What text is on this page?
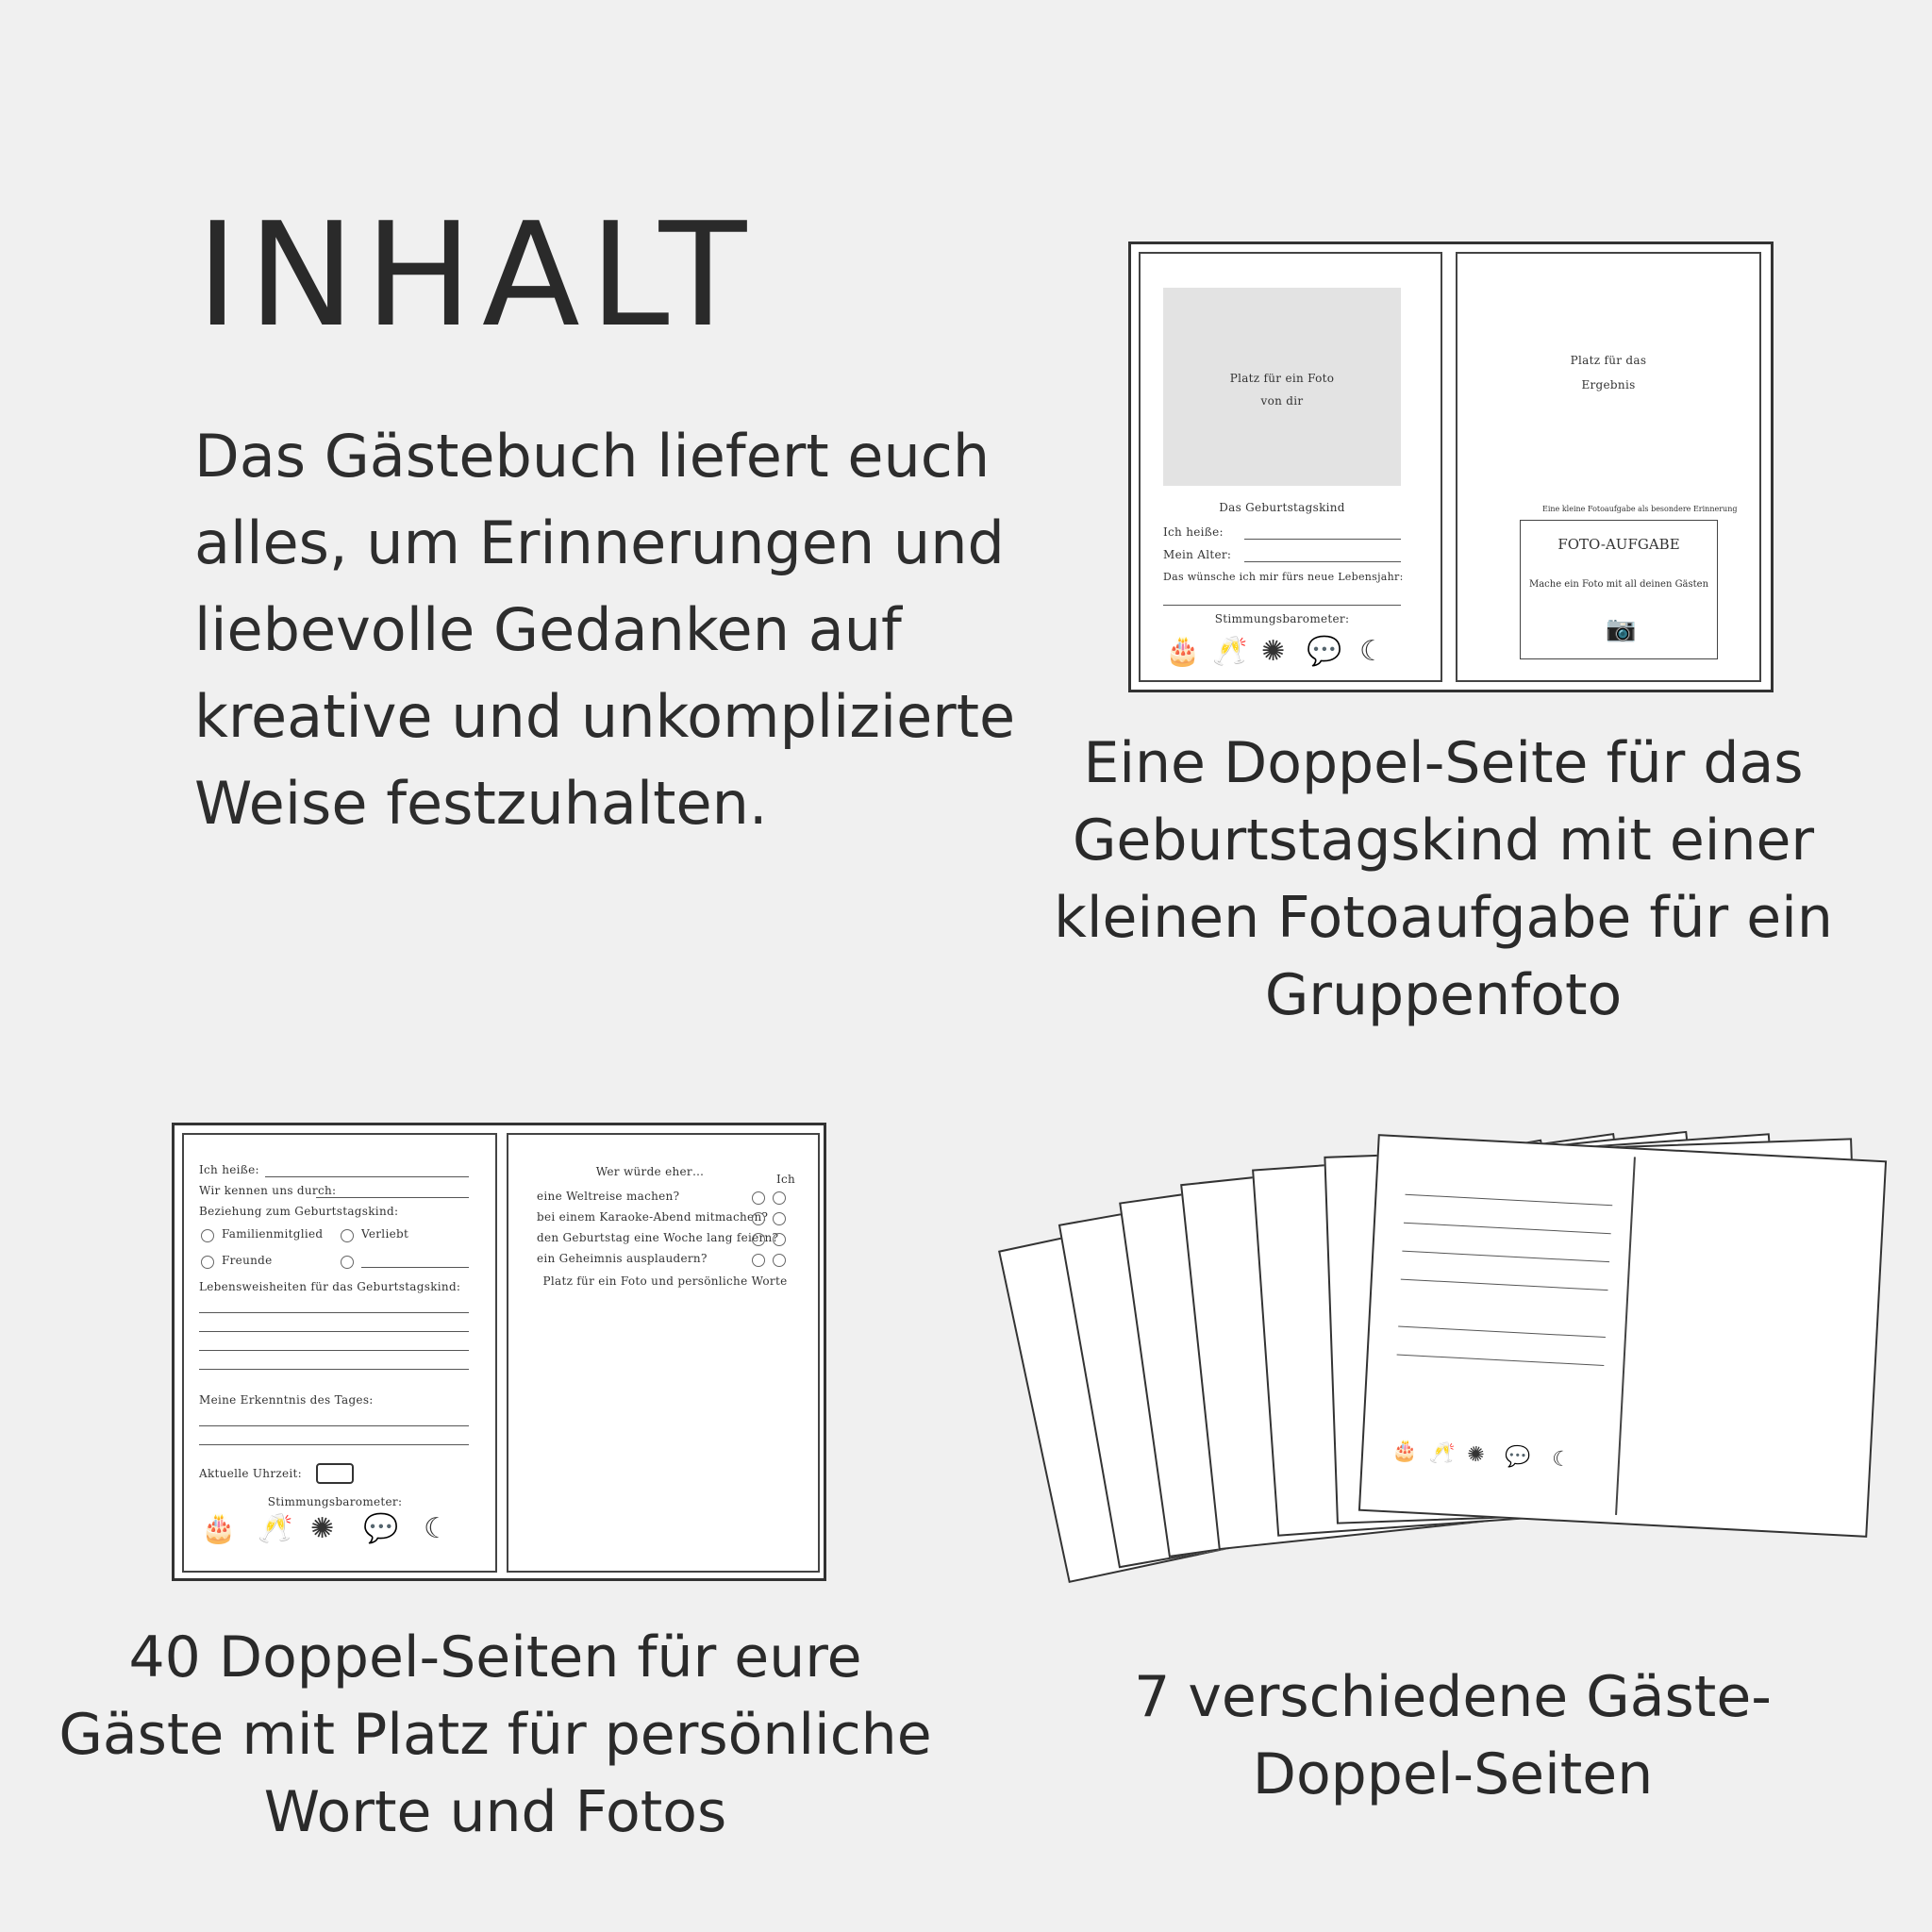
INHALT

Das Gästebuch liefert euch alles, um Erinnerungen und liebevolle Gedanken auf kreative und unkomplizierte Weise festzuhalten.

Platz für ein Foto von dir
Das Geburtstagskind
Ich heiße:
Mein Alter:
Das wünsche ich mir fürs neue Lebensjahr:
Stimmungsbarometer:
🎂 🥂 ✺ 💬 ☾
Platz für das Ergebnis
Eine kleine Fotoaufgabe als besondere Erinnerung
FOTO-AUFGABE
Mache ein Foto mit all deinen Gästen
📷

Eine Doppel-Seite für das Geburtstagskind mit einer kleinen Fotoaufgabe für ein Gruppenfoto

Ich heiße:
Wir kennen uns durch:
Beziehung zum Geburtstagskind:
Familienmitglied	Verliebt
Freunde
Lebensweisheiten für das Geburtstagskind:
Meine Erkenntnis des Tages:
Aktuelle Uhrzeit:
Stimmungsbarometer:
🎂 🥂 ✺ 💬 ☾
Wer würde eher…
Ich
eine Weltreise machen?
bei einem Karaoke-Abend mitmachen?
den Geburtstag eine Woche lang feiern?
ein Geheimnis ausplaudern?
Platz für ein Foto und persönliche Worte

40 Doppel-Seiten für eure Gäste mit Platz für persönliche Worte und Fotos

🎂 🥂 ✺ 💬 ☾

7 verschiedene Gäste-Doppel-Seiten
